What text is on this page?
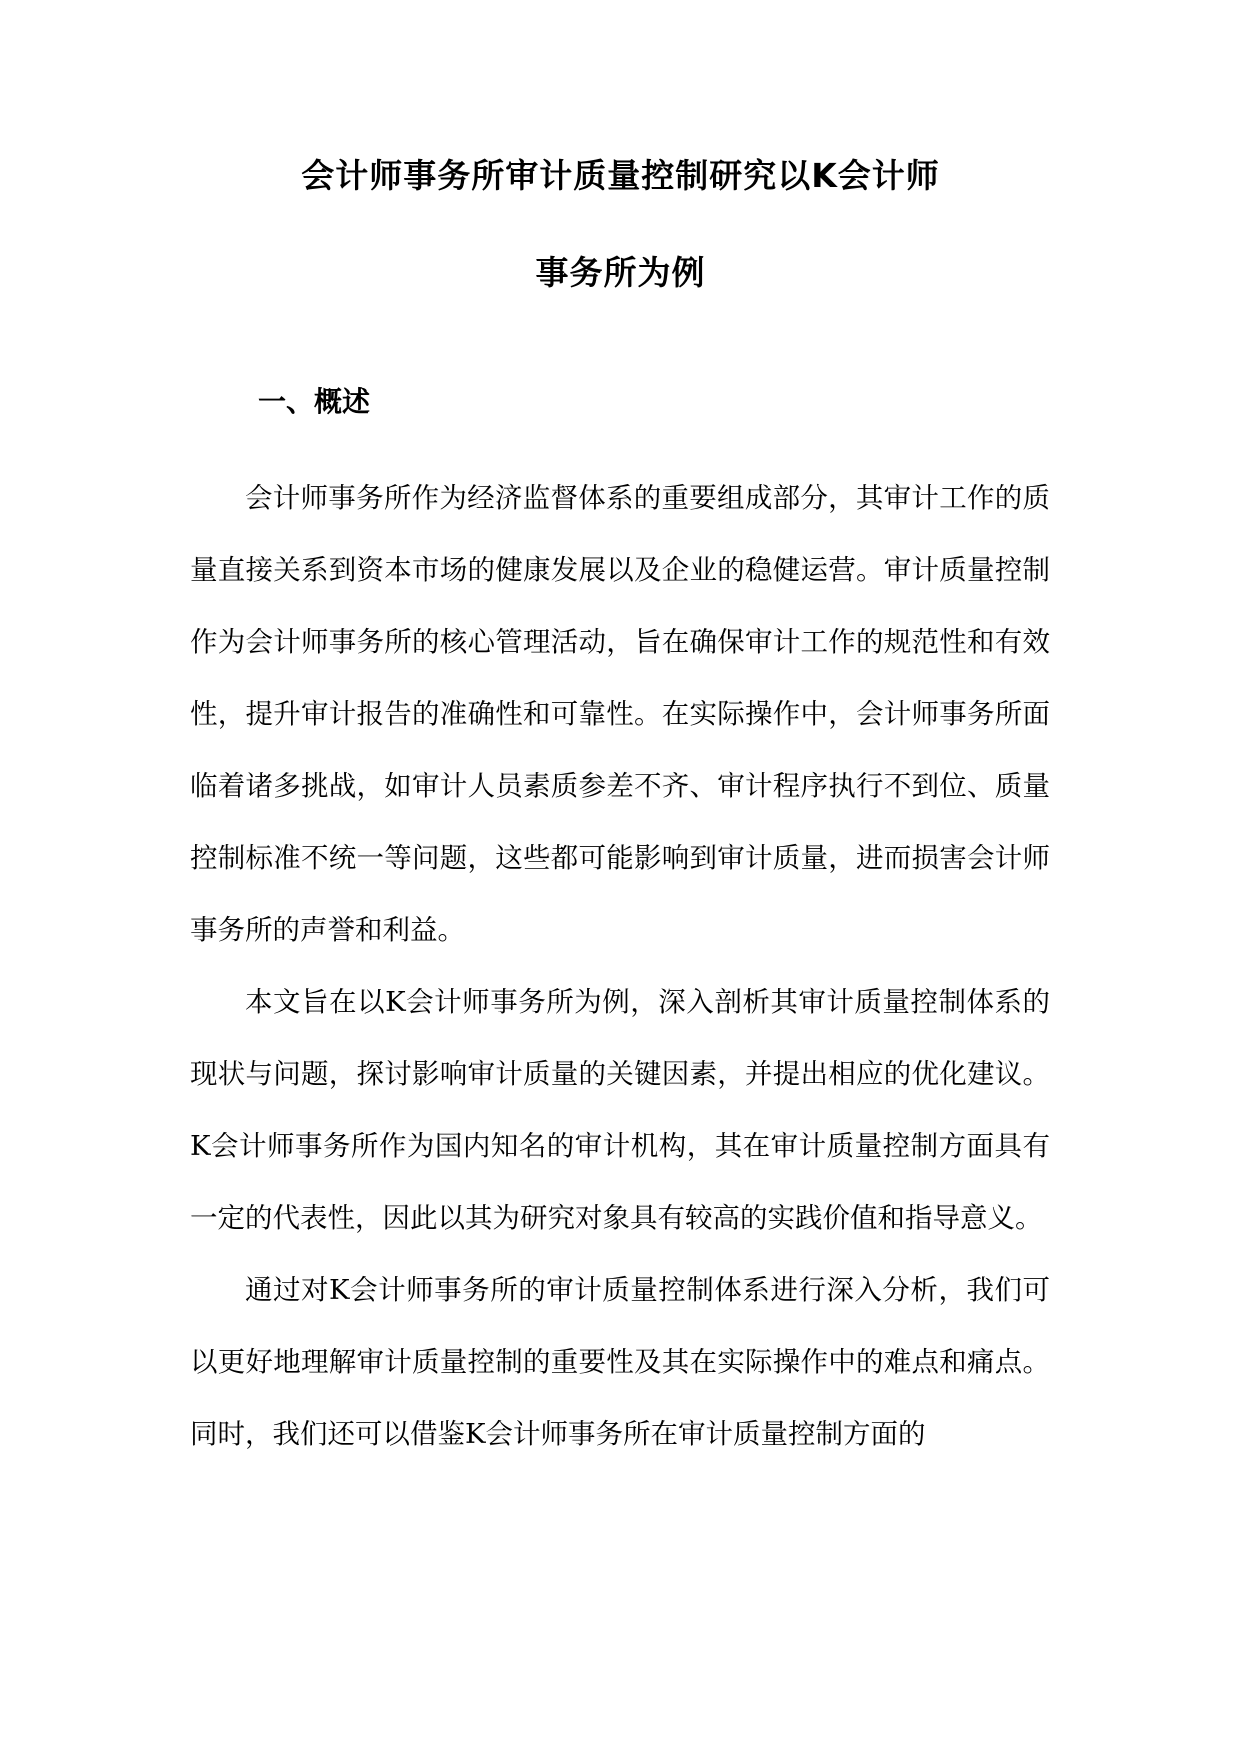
会计师事务所审计质量控制研究以K会计师
事务所为例
一、概述

会计师事务所作为经济监督体系的重要组成部分，其审计工作的质量直接关系到资本市场的健康发展以及企业的稳健运营。审计质量控制作为会计师事务所的核心管理活动，旨在确保审计工作的规范性和有效性，提升审计报告的准确性和可靠性。在实际操作中，会计师事务所面临着诸多挑战，如审计人员素质参差不齐、审计程序执行不到位、质量控制标准不统一等问题，这些都可能影响到审计质量，进而损害会计师事务所的声誉和利益。

本文旨在以K会计师事务所为例，深入剖析其审计质量控制体系的现状与问题，探讨影响审计质量的关键因素，并提出相应的优化建议。K会计师事务所作为国内知名的审计机构，其在审计质量控制方面具有一定的代表性，因此以其为研究对象具有较高的实践价值和指导意义。

通过对K会计师事务所的审计质量控制体系进行深入分析，我们可以更好地理解审计质量控制的重要性及其在实际操作中的难点和痛点。同时，我们还可以借鉴K会计师事务所在审计质量控制方面的
